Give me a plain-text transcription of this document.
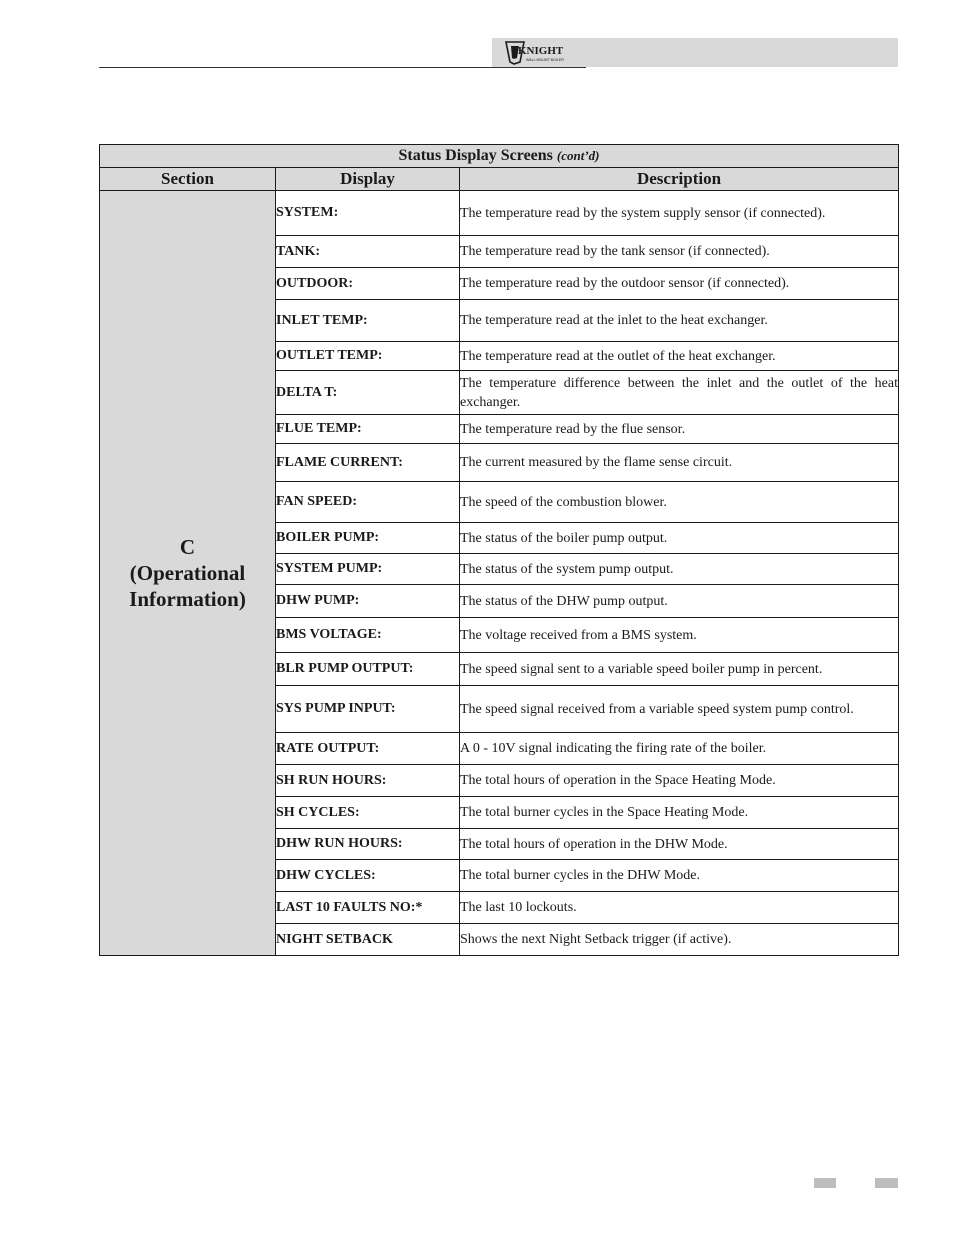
KNIGHT
WALL MOUNT BOILER
Status Display Screens (cont’d)		
Section	Display	Description

C
(Operational
Information)	SYSTEM:	The temperature read by the system supply sensor (if connected).
	TANK:	The temperature read by the tank sensor (if connected).
	OUTDOOR:	The temperature read by the outdoor sensor (if connected).
	INLET TEMP:	The temperature read at the inlet to the heat exchanger.
	OUTLET TEMP:	The temperature read at the outlet of the heat exchanger.
	DELTA T:	The temperature difference between the inlet and the outlet of the heat exchanger.
	FLUE TEMP:	The temperature read by the flue sensor.
	FLAME CURRENT:	The current measured by the flame sense circuit.
	FAN SPEED:	The speed of the combustion blower.
	BOILER PUMP:	The status of the boiler pump output.
	SYSTEM PUMP:	The status of the system pump output.
	DHW PUMP:	The status of the DHW pump output.
	BMS VOLTAGE:	The voltage received from a BMS system.
	BLR PUMP OUTPUT:	The speed signal sent to a variable speed boiler pump in percent.
	SYS PUMP INPUT:	The speed signal received from a variable speed system pump control.
	RATE OUTPUT:	A 0 - 10V signal indicating the firing rate of the boiler.
	SH RUN HOURS:	The total hours of operation in the Space Heating Mode.
	SH CYCLES:	The total burner cycles in the Space Heating Mode.
	DHW RUN HOURS:	The total hours of operation in the DHW Mode.
	DHW CYCLES:	The total burner cycles in the DHW Mode.
	LAST 10 FAULTS NO:*	The last 10 lockouts.
	NIGHT SETBACK	Shows the next Night Setback trigger (if active).
